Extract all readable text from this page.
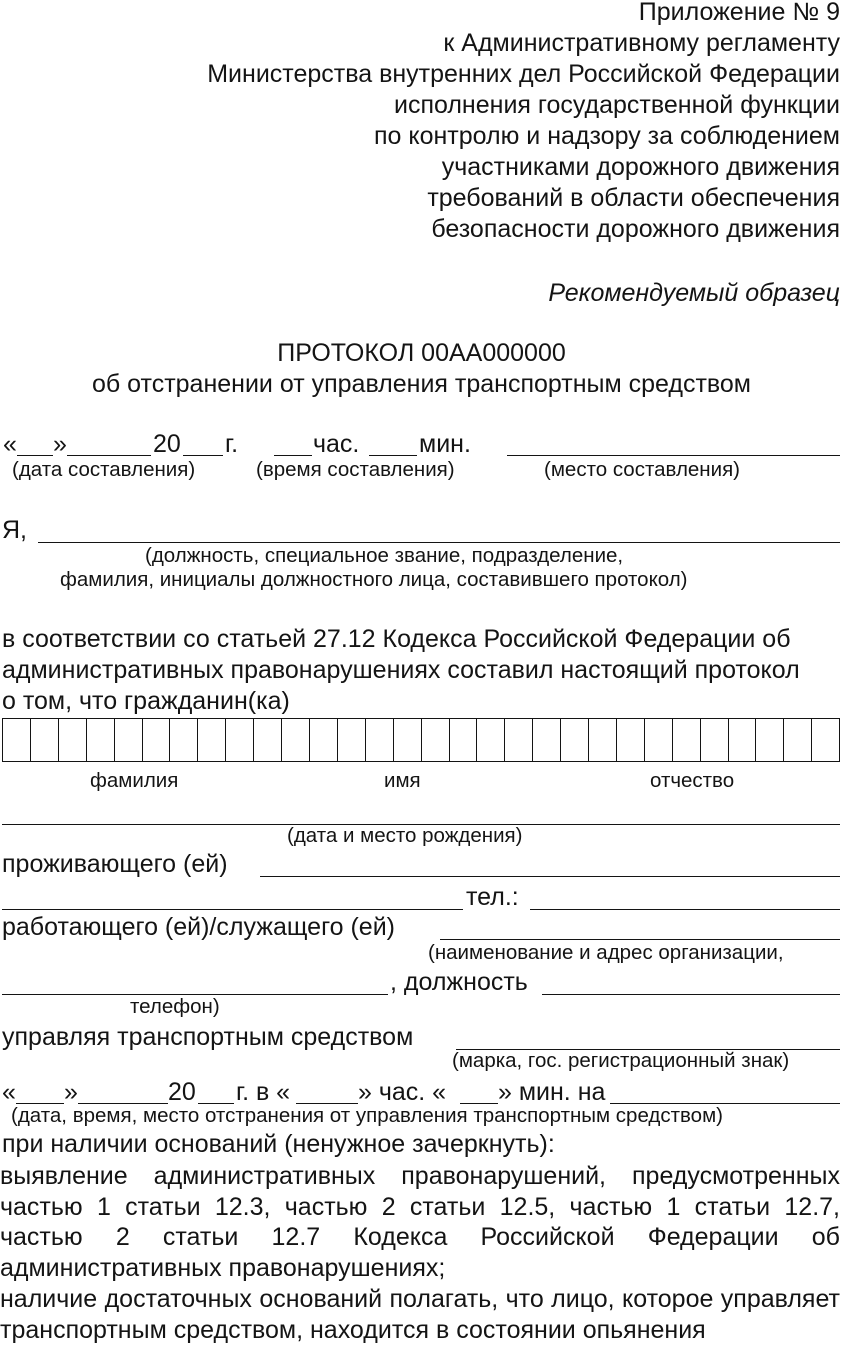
Приложение № 9
к Административному регламенту
Министерства внутренних дел Российской Федерации
исполнения государственной функции
по контролю и надзору за соблюдением
участниками дорожного движения
требований в области обеспечения
безопасности дорожного движения
Рекомендуемый образец
ПРОТОКОЛ 00АА000000
об отстранении от управления транспортным средством
« »	20 г.	час. мин.
(дата составления)	(время составления)	(место составления)
Я,
(должность, специальное звание, подразделение,
фамилия, инициалы должностного лица, составившего протокол)
в соответствии со статьей 27.12 Кодекса Российской Федерации об
административных правонарушениях составил настоящий протокол
о том, что гражданин(ка)
фамилия	имя	отчество
(дата и место рождения)
проживающего (ей)
тел.:
работающего (ей)/служащего (ей)
(наименование и адрес организации,
, должность
телефон)
управляя транспортным средством
(марка, гос. регистрационный знак)
« »	20 г. в «	» час. « » мин. на
(дата, время, место отстранения от управления транспортным средством)
при наличии оснований (ненужное зачеркнуть):
выявление административных правонарушений, предусмотренных частью 1 статьи 12.3, частью 2 статьи 12.5, частью 1 статьи 12.7, частью 2 статьи 12.7 Кодекса Российской Федерации об административных правонарушениях;
наличие достаточных оснований полагать, что лицо, которое управляет транспортным средством, находится в состоянии опьянения
